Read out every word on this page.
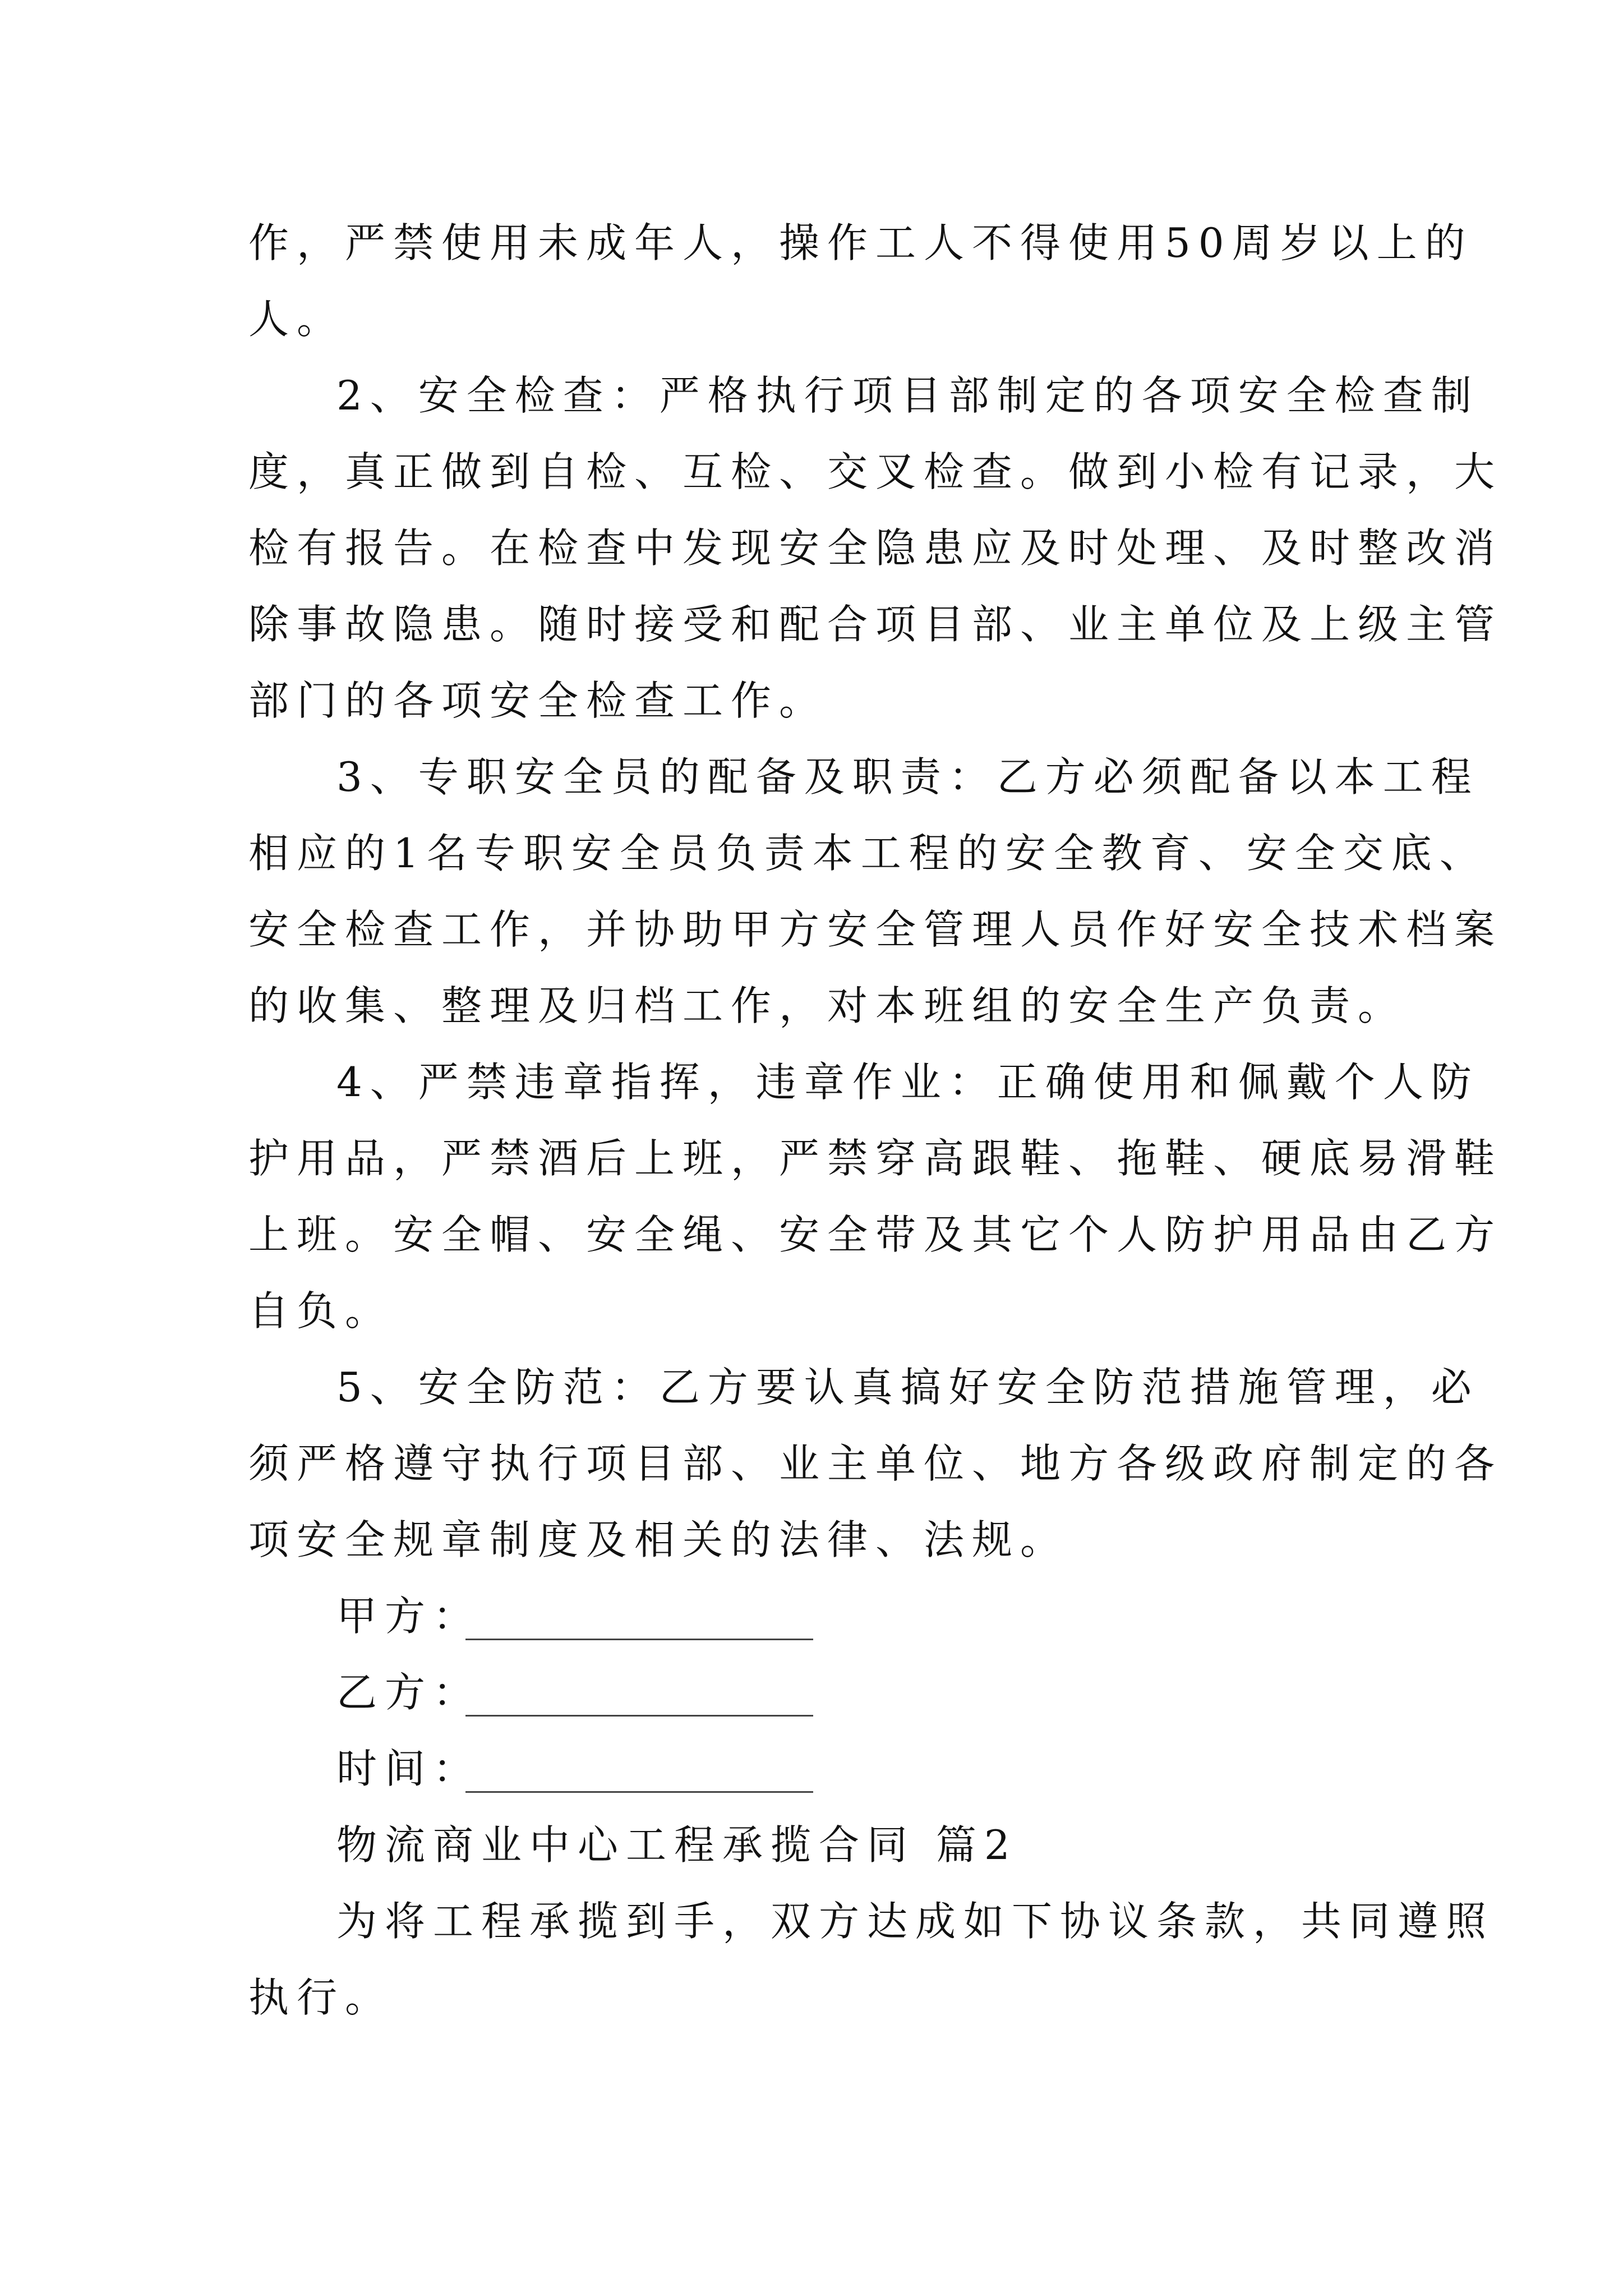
作，严禁使用未成年人，操作工人不得使用50周岁以上的
人。
2、安全检查：严格执行项目部制定的各项安全检查制
度，真正做到自检、互检、交叉检查。做到小检有记录，大
检有报告。在检查中发现安全隐患应及时处理、及时整改消
除事故隐患。随时接受和配合项目部、业主单位及上级主管
部门的各项安全检查工作。
3、专职安全员的配备及职责：乙方必须配备以本工程
相应的1名专职安全员负责本工程的安全教育、安全交底、
安全检查工作，并协助甲方安全管理人员作好安全技术档案
的收集、整理及归档工作，对本班组的安全生产负责。
4、严禁违章指挥，违章作业：正确使用和佩戴个人防
护用品，严禁酒后上班，严禁穿高跟鞋、拖鞋、硬底易滑鞋
上班。安全帽、安全绳、安全带及其它个人防护用品由乙方
自负。
5、安全防范：乙方要认真搞好安全防范措施管理，必
须严格遵守执行项目部、业主单位、地方各级政府制定的各
项安全规章制度及相关的法律、法规。
甲方：
乙方：
时间：
物流商业中心工程承揽合同 篇2
为将工程承揽到手，双方达成如下协议条款，共同遵照
执行。
